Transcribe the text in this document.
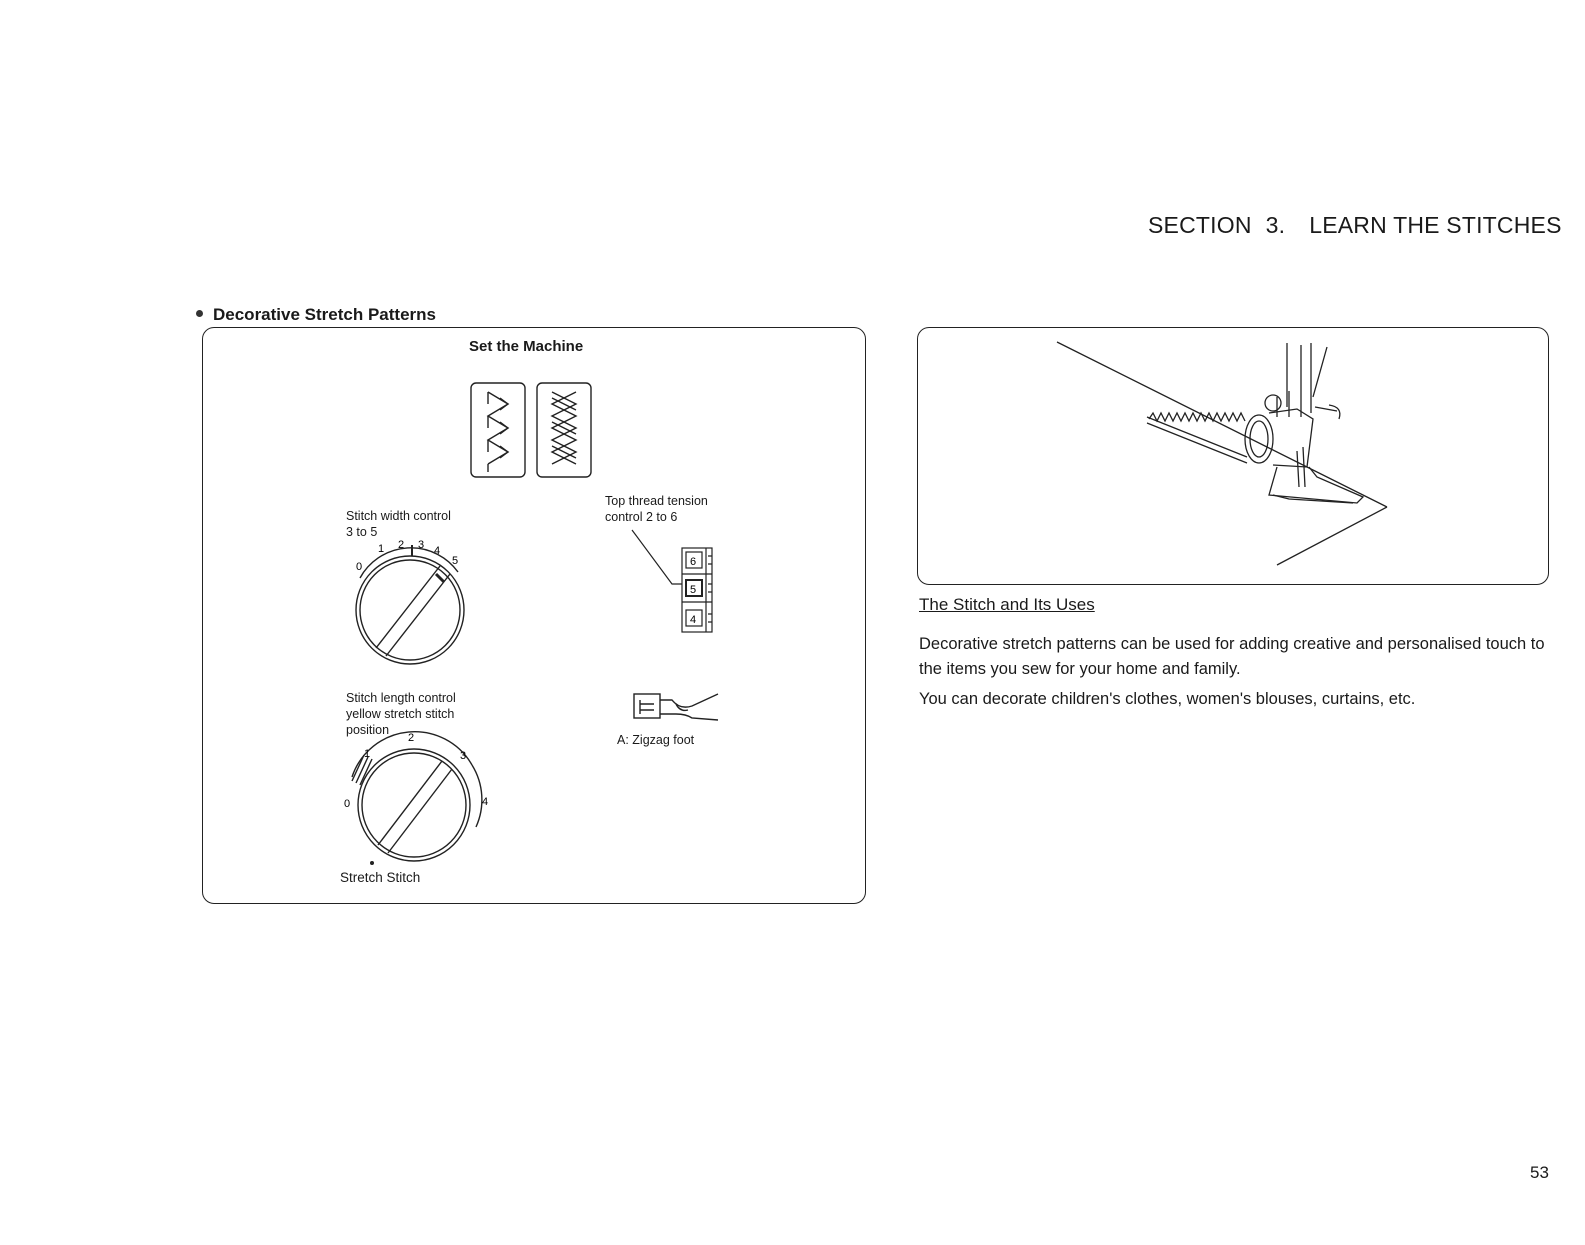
SECTION 3. LEARN THE STITCHES
Decorative Stretch Patterns
Set the Machine
Stitch width control
3 to 5
0
1 2 3 4
5
Stitch length control
yellow stretch stitch
position
0
1
2
3
4
Stretch Stitch
Top thread tension
control 2 to 6
6
5
4
A: Zigzag foot
The Stitch and Its Uses
Decorative stretch patterns can be used for adding creative and personalised touch to the items you sew for your home and family.
You can decorate children's clothes, women's blouses, curtains, etc.
53
